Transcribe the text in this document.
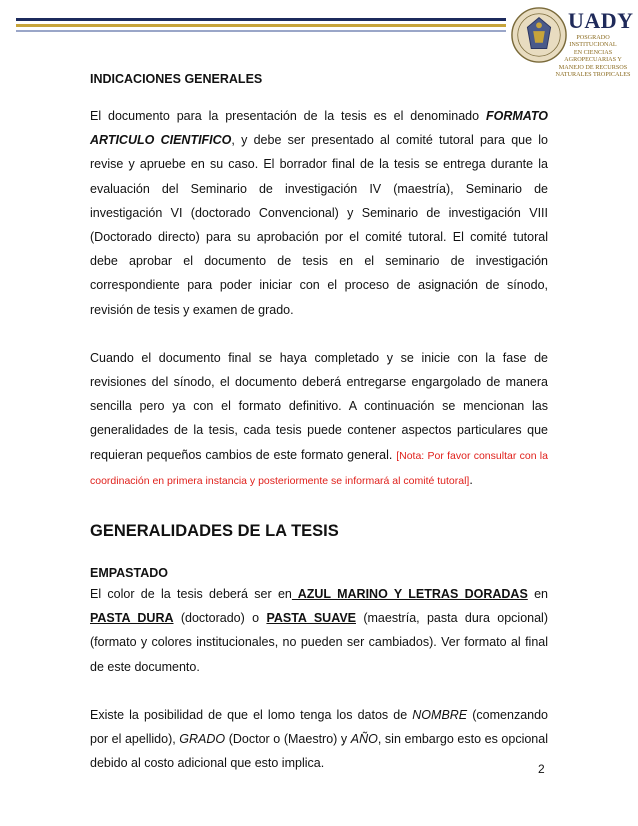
UADY
POSGRADO
INSTITUCIONAL
EN CIENCIAS
AGROPECUARIAS Y
MANEJO DE RECURSOS
NATURALES TROPICALES
INDICACIONES GENERALES

El documento para la presentación de la tesis es el denominado FORMATO ARTICULO CIENTIFICO, y debe ser presentado al comité tutoral para que lo revise y apruebe en su caso. El borrador final de la tesis se entrega durante la evaluación del Seminario de investigación IV (maestría), Seminario de investigación VI (doctorado Convencional) y Seminario de investigación VIII (Doctorado directo) para su aprobación por el comité tutoral. El comité tutoral debe aprobar el documento de tesis en el seminario de investigación correspondiente para poder iniciar con el proceso de asignación de sínodo, revisión de tesis y examen de grado.

Cuando el documento final se haya completado y se inicie con la fase de revisiones del sínodo, el documento deberá entregarse engargolado de manera sencilla pero ya con el formato definitivo. A continuación se mencionan las generalidades de la tesis, cada tesis puede contener aspectos particulares que requieran pequeños cambios de este formato general. [Nota: Por favor consultar con la coordinación en primera instancia y posteriormente se informará al comité tutoral].

GENERALIDADES DE LA TESIS
EMPASTADO

El color de la tesis deberá ser en AZUL MARINO Y LETRAS DORADAS en PASTA DURA (doctorado) o PASTA SUAVE (maestría, pasta dura opcional) (formato y colores institucionales, no pueden ser cambiados). Ver formato al final de este documento.

Existe la posibilidad de que el lomo tenga los datos de NOMBRE (comenzando por el apellido), GRADO (Doctor o (Maestro) y AÑO, sin embargo esto es opcional debido al costo adicional que esto implica.	2
